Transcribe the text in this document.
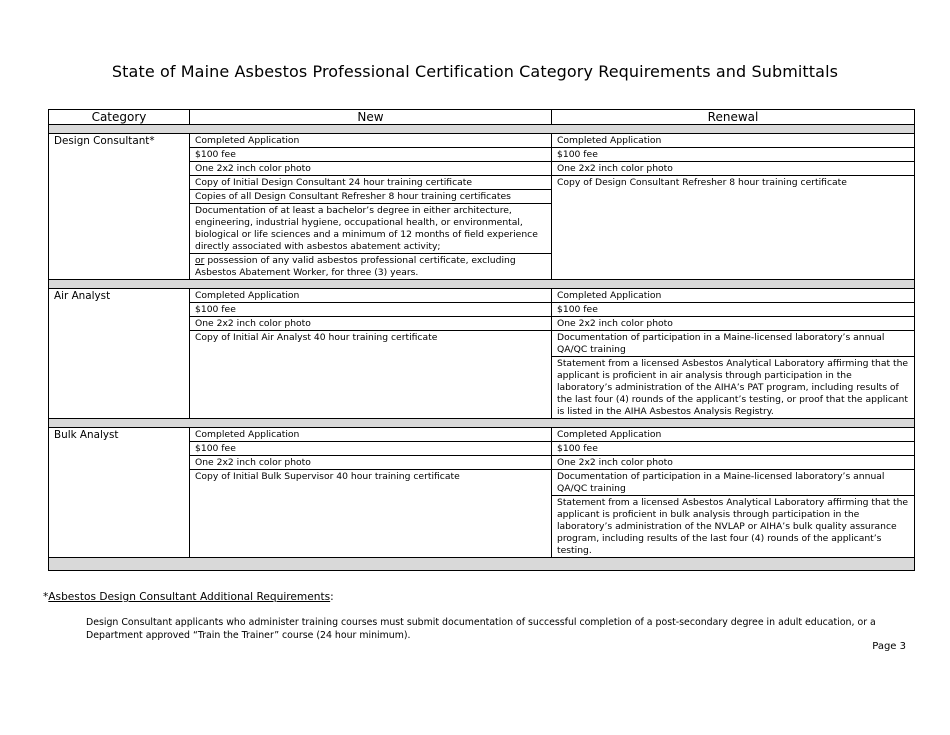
State of Maine Asbestos Professional Certification Category Requirements and Submittals
Category	New	Renewal

Design Consultant*	Completed Application	Completed Application
	$100 fee	$100 fee
	One 2x2 inch color photo	One 2x2 inch color photo
	Copy of Initial Design Consultant 24 hour training certificate	Copy of Design Consultant Refresher 8 hour training certificate
	Copies of all Design Consultant Refresher 8 hour training certificates	
	Documentation of at least a bachelor’s degree in either architecture, engineering, industrial hygiene, occupational health, or environmental, biological or life sciences and a minimum of 12 months of field experience directly associated with asbestos abatement activity;	
	or possession of any valid asbestos professional certificate, excluding Asbestos Abatement Worker, for three (3) years.	

Air Analyst	Completed Application	Completed Application
	$100 fee	$100 fee
	One 2x2 inch color photo	One 2x2 inch color photo
	Copy of Initial Air Analyst 40 hour training certificate	Documentation of participation in a Maine-licensed laboratory’s annual QA/QC training
		Statement from a licensed Asbestos Analytical Laboratory affirming that the applicant is proficient in air analysis through participation in the laboratory’s administration of the AIHA’s PAT program, including results of the last four (4) rounds of the applicant’s testing, or proof that the applicant is listed in the AIHA Asbestos Analysis Registry.

Bulk Analyst	Completed Application	Completed Application
	$100 fee	$100 fee
	One 2x2 inch color photo	One 2x2 inch color photo
	Copy of Initial Bulk Supervisor 40 hour training certificate	Documentation of participation in a Maine-licensed laboratory’s annual QA/QC training
		Statement from a licensed Asbestos Analytical Laboratory affirming that the applicant is proficient in bulk analysis through participation in the laboratory’s administration of the NVLAP or AIHA’s bulk quality assurance program, including results of the last four (4) rounds of the applicant’s testing.

*Asbestos Design Consultant Additional Requirements:
Design Consultant applicants who administer training courses must submit documentation of successful completion of a post-secondary degree in adult education, or a Department approved “Train the Trainer” course (24 hour minimum).
Page 3
